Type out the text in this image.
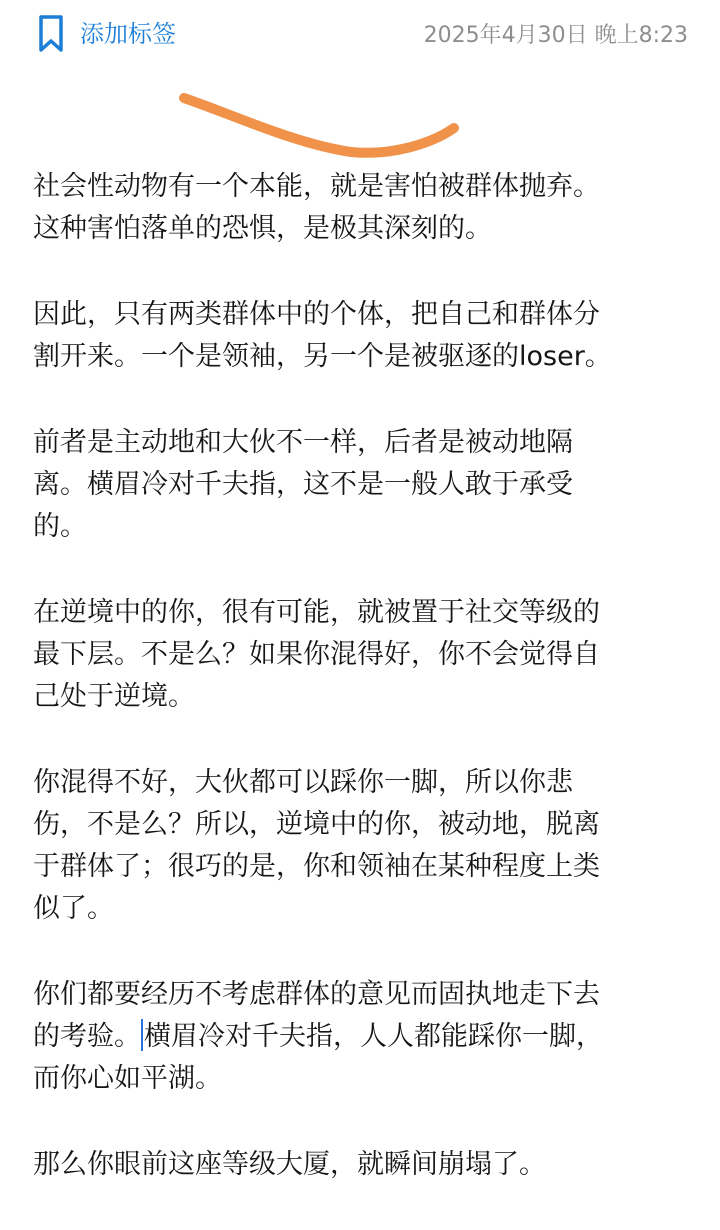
添加标签	2025年4月30日 晚上8:23

社会性动物有一个本能，就是害怕被群体抛弃。
这种害怕落单的恐惧，是极其深刻的。

因此，只有两类群体中的个体，把自己和群体分
割开来。一个是领袖，另一个是被驱逐的loser。

前者是主动地和大伙不一样，后者是被动地隔
离。横眉冷对千夫指，这不是一般人敢于承受
的。

在逆境中的你，很有可能，就被置于社交等级的
最下层。不是么？如果你混得好，你不会觉得自
己处于逆境。

你混得不好，大伙都可以踩你一脚，所以你悲
伤，不是么？所以，逆境中的你，被动地，脱离
于群体了；很巧的是，你和领袖在某种程度上类
似了。

你们都要经历不考虑群体的意见而固执地走下去
的考验。 横眉冷对千夫指，人人都能踩你一脚，
而你心如平湖。

那么你眼前这座等级大厦，就瞬间崩塌了。
